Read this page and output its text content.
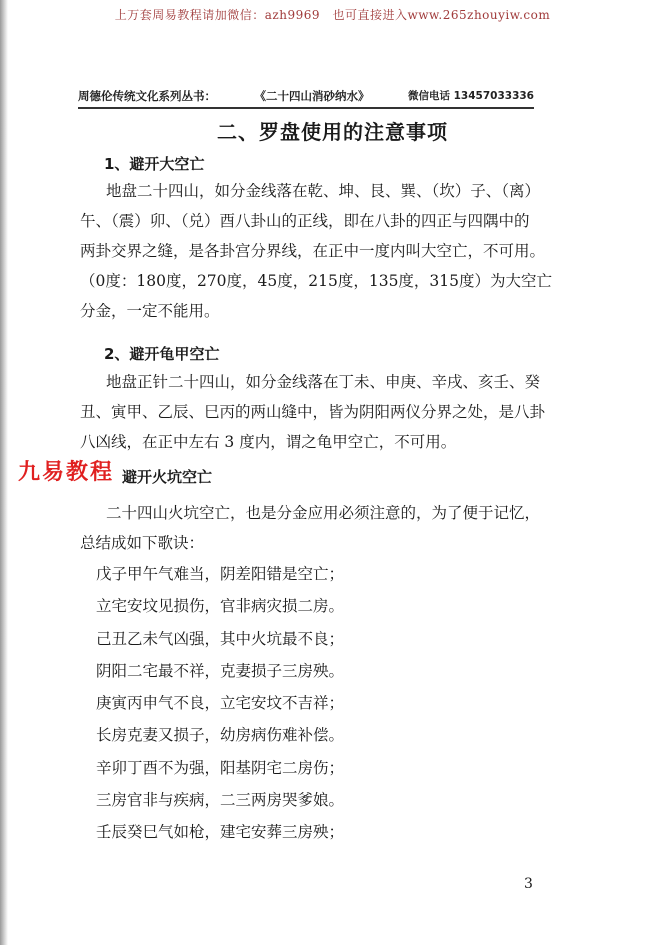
上万套周易教程请加微信：azh9969　也可直接进入www.265zhouyiw.com
周德伦传统文化系列丛书：	《二十四山消砂纳水》	微信电话 13457033336
二、罗盘使用的注意事项
1、避开大空亡
地盘二十四山，如分金线落在乾、坤、艮、巽、（坎）子、（离）
午、（震）卯、（兑）酉八卦山的正线，即在八卦的四正与四隅中的
两卦交界之缝，是各卦宫分界线，在正中一度内叫大空亡，不可用。
（0度：180度，270度，45度，215度，135度，315度）为大空亡
分金，一定不能用。
2、避开龟甲空亡
地盘正针二十四山，如分金线落在丁未、申庚、辛戌、亥壬、癸
丑、寅甲、乙辰、巳丙的两山缝中，皆为阴阳两仪分界之处，是八卦
八凶线，在正中左右 3 度内，谓之龟甲空亡，不可用。
九易教程 避开火坑空亡
二十四山火坑空亡，也是分金应用必须注意的，为了便于记忆，
总结成如下歌诀：
戊子甲午气难当，阴差阳错是空亡；
立宅安坟见损伤，官非病灾损二房。
己丑乙未气凶强，其中火坑最不良；
阴阳二宅最不祥，克妻损子三房殃。
庚寅丙申气不良，立宅安坟不吉祥；
长房克妻又损子，幼房病伤难补偿。
辛卯丁酉不为强，阳基阴宅二房伤；
三房官非与疾病，二三两房哭爹娘。
壬辰癸巳气如枪，建宅安葬三房殃；
3
